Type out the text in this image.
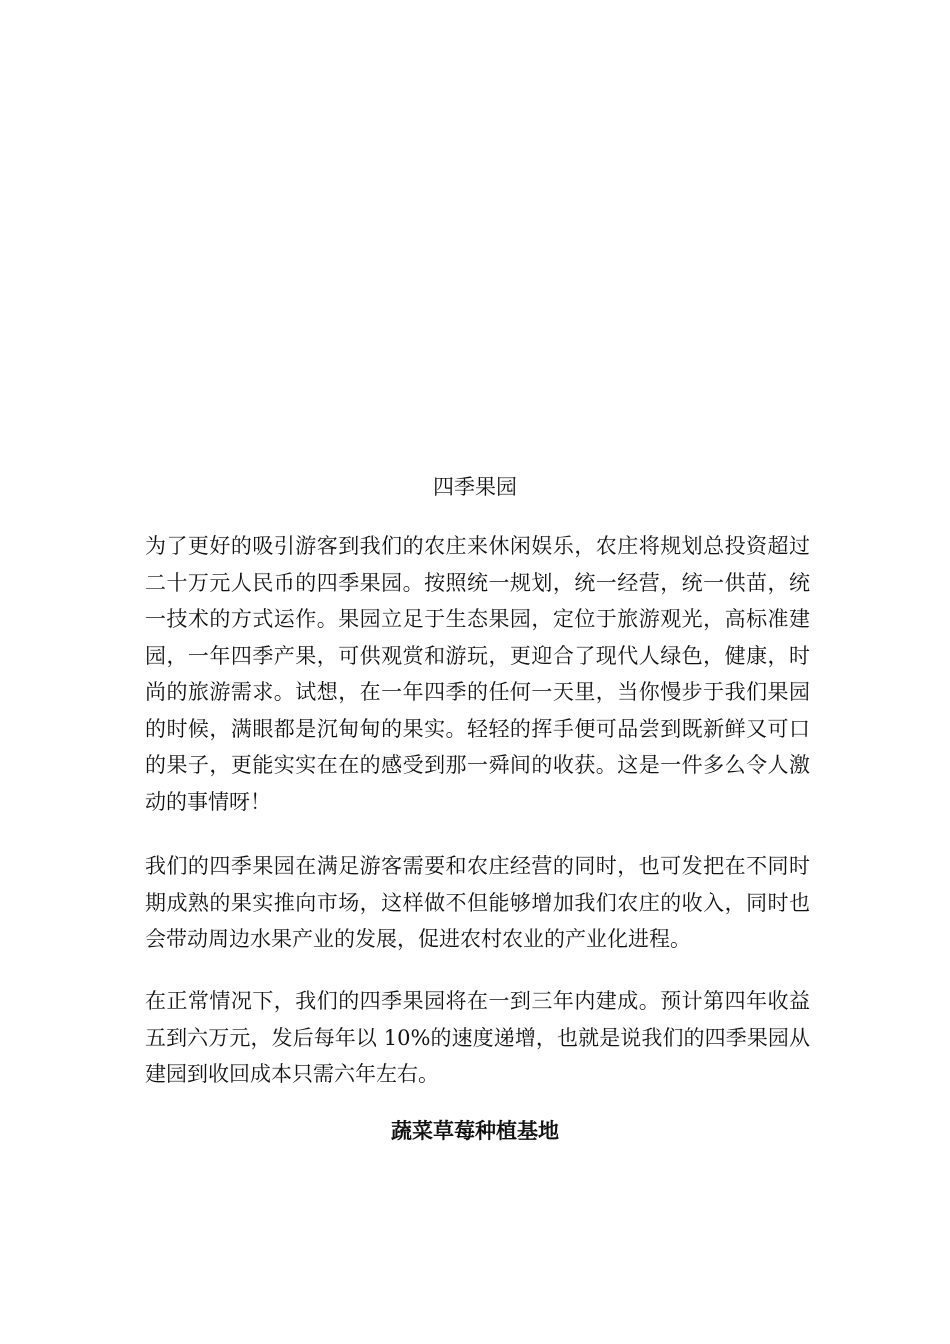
四季果园

为了更好的吸引游客到我们的农庄来休闲娱乐，农庄将规划总投资超过二十万元人民币的四季果园。按照统一规划，统一经营，统一供苗，统一技术的方式运作。果园立足于生态果园，定位于旅游观光，高标准建园，一年四季产果，可供观赏和游玩，更迎合了现代人绿色，健康，时尚的旅游需求。试想，在一年四季的任何一天里，当你慢步于我们果园的时候，满眼都是沉甸甸的果实。轻轻的挥手便可品尝到既新鲜又可口的果子，更能实实在在的感受到那一舜间的收获。这是一件多么令人激动的事情呀！

我们的四季果园在满足游客需要和农庄经营的同时，也可发把在不同时期成熟的果实推向市场，这样做不但能够增加我们农庄的收入，同时也会带动周边水果产业的发展，促进农村农业的产业化进程。

在正常情况下，我们的四季果园将在一到三年内建成。预计第四年收益五到六万元，发后每年以 10%的速度递增，也就是说我们的四季果园从建园到收回成本只需六年左右。

蔬菜草莓种植基地
